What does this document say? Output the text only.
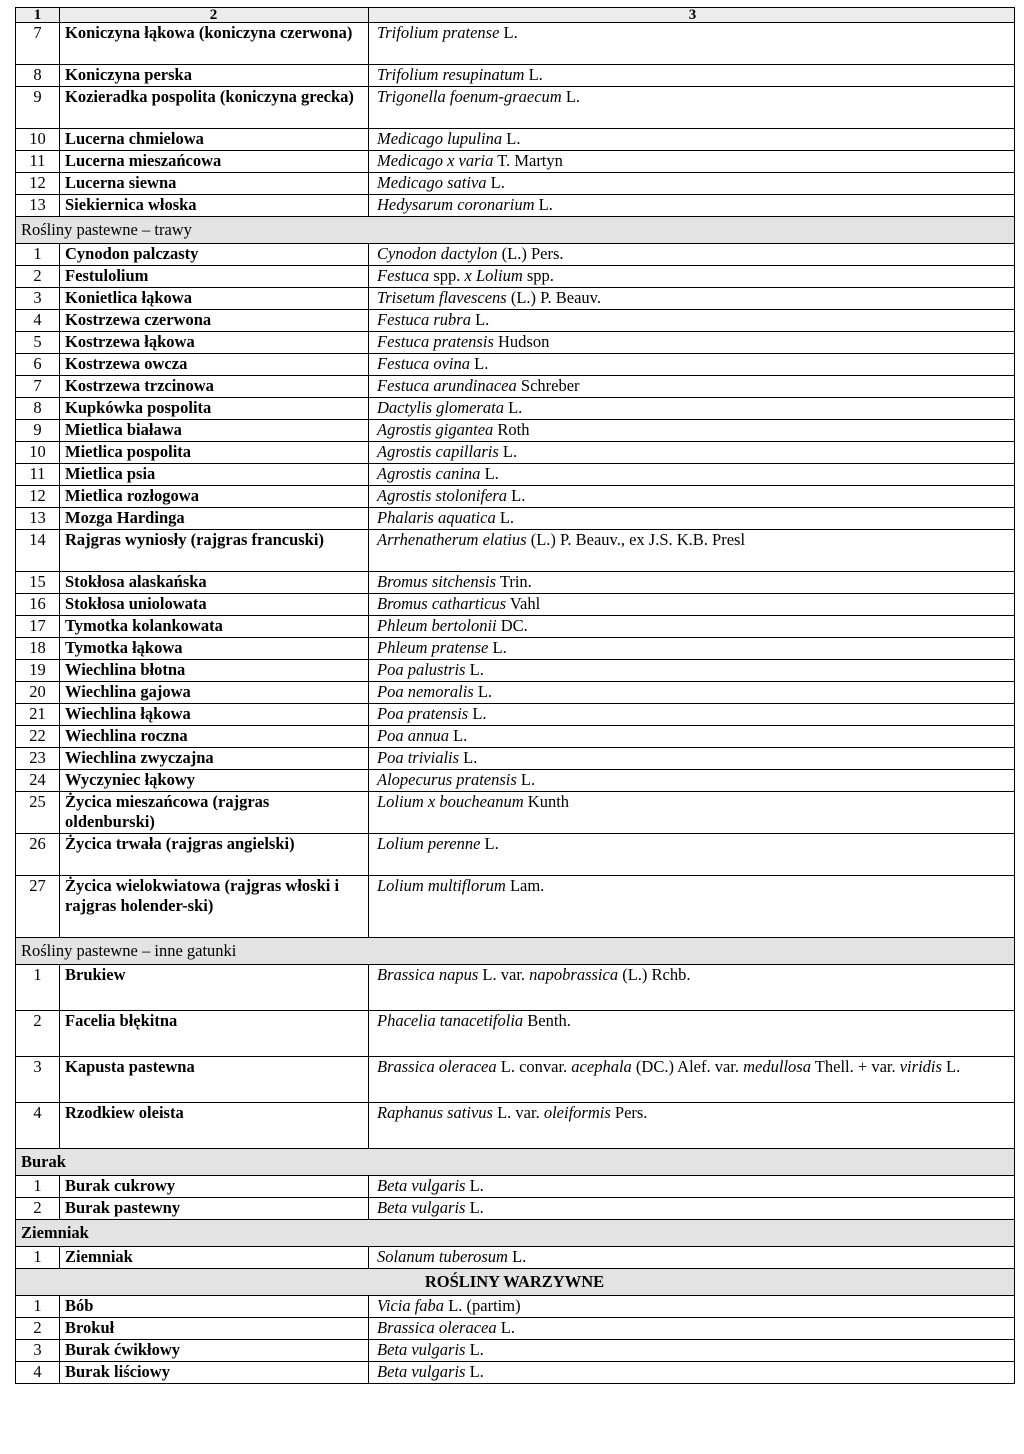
1	2	3
7	Koniczyna łąkowa (koniczyna czerwona)	Trifolium pratense L.
8	Koniczyna perska	Trifolium resupinatum L.
9	Kozieradka pospolita (koniczyna grecka)	Trigonella foenum-graecum L.
10	Lucerna chmielowa	Medicago lupulina L.
11	Lucerna mieszańcowa	Medicago x varia T. Martyn
12	Lucerna siewna	Medicago sativa L.
13	Siekiernica włoska	Hedysarum coronarium L.
Rośliny pastewne – trawy		
1	Cynodon palczasty	Cynodon dactylon (L.) Pers.
2	Festulolium	Festuca spp. x Lolium spp.
3	Konietlica łąkowa	Trisetum flavescens (L.) P. Beauv.
4	Kostrzewa czerwona	Festuca rubra L.
5	Kostrzewa łąkowa	Festuca pratensis Hudson
6	Kostrzewa owcza	Festuca ovina L.
7	Kostrzewa trzcinowa	Festuca arundinacea Schreber
8	Kupkówka pospolita	Dactylis glomerata L.
9	Mietlica biaława	Agrostis gigantea Roth
10	Mietlica pospolita	Agrostis capillaris L.
11	Mietlica psia	Agrostis canina L.
12	Mietlica rozłogowa	Agrostis stolonifera L.
13	Mozga Hardinga	Phalaris aquatica L.
14	Rajgras wyniosły (rajgras francuski)	Arrhenatherum elatius (L.) P. Beauv., ex J.S. K.B. Presl
15	Stokłosa alaskańska	Bromus sitchensis Trin.
16	Stokłosa uniolowata	Bromus catharticus Vahl
17	Tymotka kolankowata	Phleum bertolonii DC.
18	Tymotka łąkowa	Phleum pratense L.
19	Wiechlina błotna	Poa palustris L.
20	Wiechlina gajowa	Poa nemoralis L.
21	Wiechlina łąkowa	Poa pratensis L.
22	Wiechlina roczna	Poa annua L.
23	Wiechlina zwyczajna	Poa trivialis L.
24	Wyczyniec łąkowy	Alopecurus pratensis L.
25	Życica mieszańcowa (rajgras oldenburski)	Lolium x boucheanum Kunth
26	Życica trwała (rajgras angielski)	Lolium perenne L.
27	Życica wielokwiatowa (rajgras włoski i rajgras holender-ski)	Lolium multiflorum Lam.
Rośliny pastewne – inne gatunki		
1	Brukiew	Brassica napus L. var. napobrassica (L.) Rchb.
2	Facelia błękitna	Phacelia tanacetifolia Benth.
3	Kapusta pastewna	Brassica oleracea L. convar. acephala (DC.) Alef. var. medullosa Thell. + var. viridis L.
4	Rzodkiew oleista	Raphanus sativus L. var. oleiformis Pers.
Burak		
1	Burak cukrowy	Beta vulgaris L.
2	Burak pastewny	Beta vulgaris L.
Ziemniak		
1	Ziemniak	Solanum tuberosum L.
ROŚLINY WARZYWNE		
1	Bób	Vicia faba L. (partim)
2	Brokuł	Brassica oleracea L.
3	Burak ćwikłowy	Beta vulgaris L.
4	Burak liściowy	Beta vulgaris L.
